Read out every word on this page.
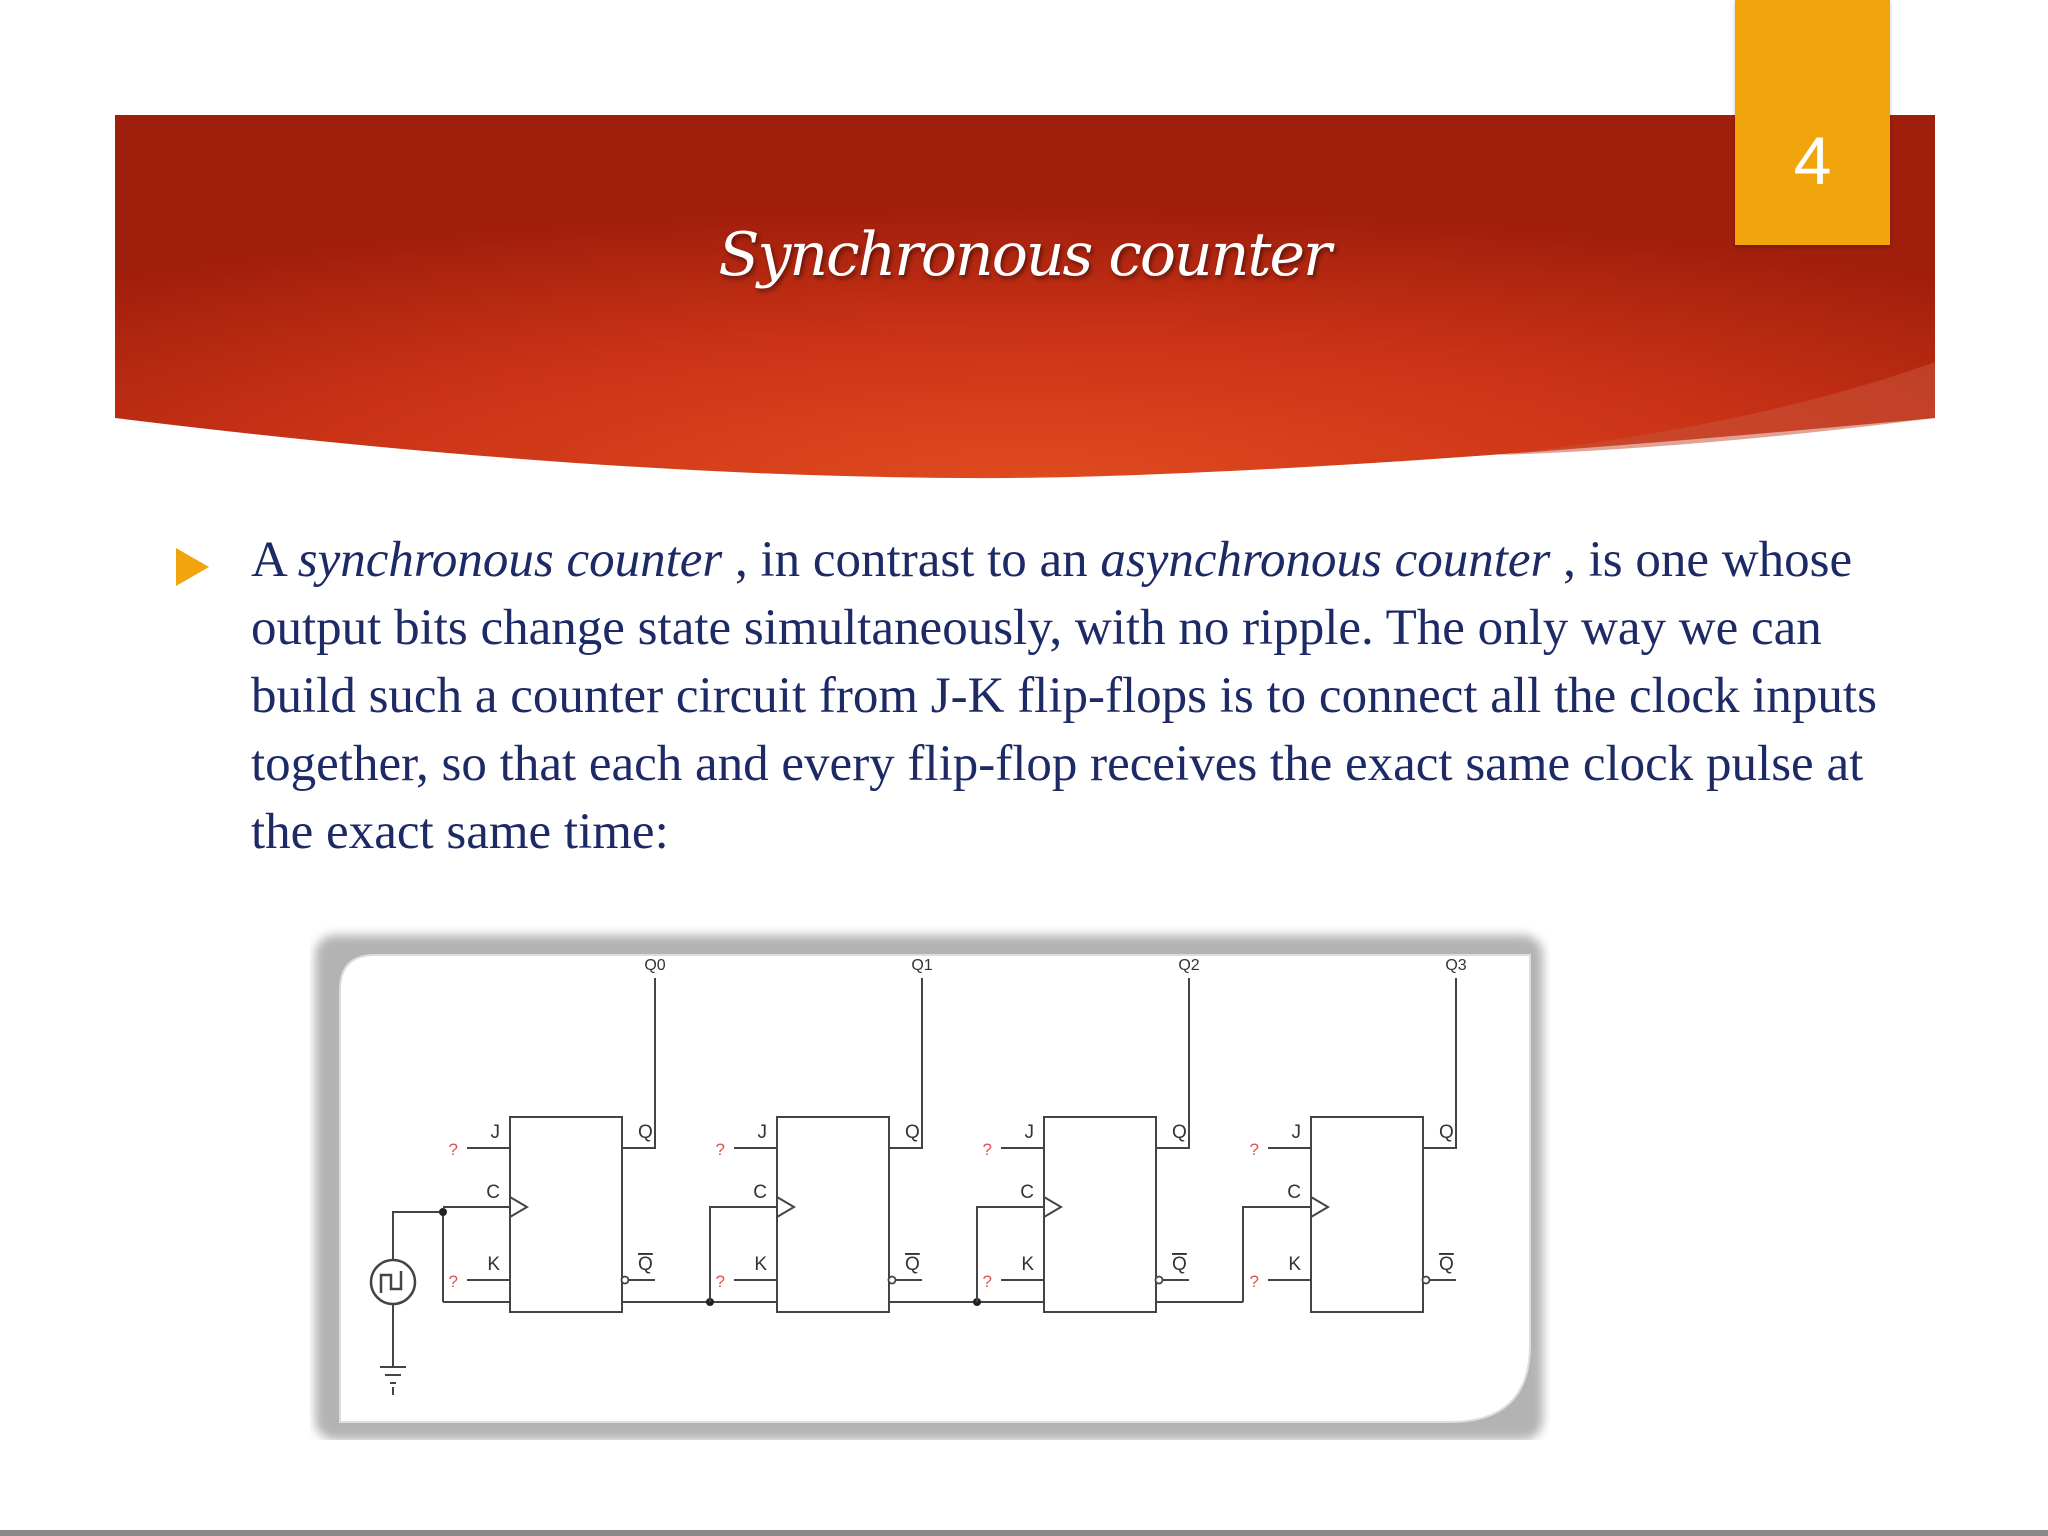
4
Synchronous counter
A synchronous counter , in contrast to an asynchronous counter , is one whose output bits change state simultaneously, with no ripple. The only way we can build such a counter circuit from J-K flip-flops is to connect all the clock inputs together, so that each and every flip-flop receives the exact same clock pulse at the exact same time:
J
C
K
Q
Q
?
?
Q0
J
C
K
Q
Q
?
?
Q1
J
C
K
Q
Q
?
?
Q2
J
C
K
Q
Q
?
?
Q3
